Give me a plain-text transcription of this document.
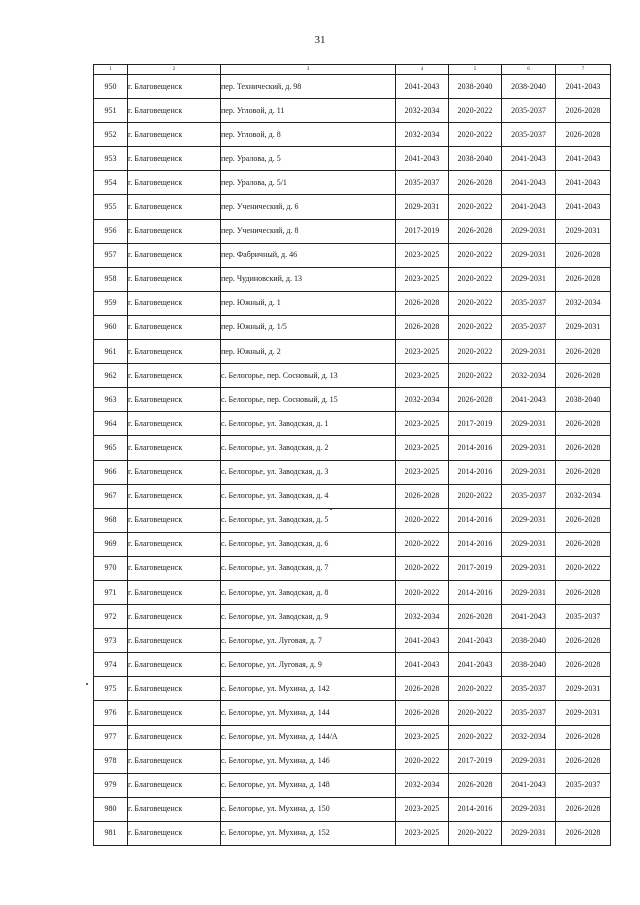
31
1	2	3	4	5	6	7
950	г. Благовещенск	пер. Технический, д. 98	2041-2043	2038-2040	2038-2040	2041-2043
951	г. Благовещенск	пер. Угловой, д. 11	2032-2034	2020-2022	2035-2037	2026-2028
952	г. Благовещенск	пер. Угловой, д. 8	2032-2034	2020-2022	2035-2037	2026-2028
953	г. Благовещенск	пер. Уралова, д. 5	2041-2043	2038-2040	2041-2043	2041-2043
954	г. Благовещенск	пер. Уралова, д. 5/1	2035-2037	2026-2028	2041-2043	2041-2043
955	г. Благовещенск	пер. Ученический, д. 6	2029-2031	2020-2022	2041-2043	2041-2043
956	г. Благовещенск	пер. Ученический, д. 8	2017-2019	2026-2028	2029-2031	2029-2031
957	г. Благовещенск	пер. Фабричный, д. 46	2023-2025	2020-2022	2029-2031	2026-2028
958	г. Благовещенск	пер. Чудиновский, д. 13	2023-2025	2020-2022	2029-2031	2026-2028
959	г. Благовещенск	пер. Южный, д. 1	2026-2028	2020-2022	2035-2037	2032-2034
960	г. Благовещенск	пер. Южный, д. 1/5	2026-2028	2020-2022	2035-2037	2029-2031
961	г. Благовещенск	пер. Южный, д. 2	2023-2025	2020-2022	2029-2031	2026-2028
962	г. Благовещенск	с. Белогорье, пер. Сосновый, д. 13	2023-2025	2020-2022	2032-2034	2026-2028
963	г. Благовещенск	с. Белогорье, пер. Сосновый, д. 15	2032-2034	2026-2028	2041-2043	2038-2040
964	г. Благовещенск	с. Белогорье, ул. Заводская, д. 1	2023-2025	2017-2019	2029-2031	2026-2028
965	г. Благовещенск	с. Белогорье, ул. Заводская, д. 2	2023-2025	2014-2016	2029-2031	2026-2028
966	г. Благовещенск	с. Белогорье, ул. Заводская, д. 3	2023-2025	2014-2016	2029-2031	2026-2028
967	г. Благовещенск	с. Белогорье, ул. Заводская, д. 4	2026-2028	2020-2022	2035-2037	2032-2034
968	г. Благовещенск	с. Белогорье, ул. Заводская, д. 5	2020-2022	2014-2016	2029-2031	2026-2028
969	г. Благовещенск	с. Белогорье, ул. Заводская, д. 6	2020-2022	2014-2016	2029-2031	2026-2028
970	г. Благовещенск	с. Белогорье, ул. Заводская, д. 7	2020-2022	2017-2019	2029-2031	2020-2022
971	г. Благовещенск	с. Белогорье, ул. Заводская, д. 8	2020-2022	2014-2016	2029-2031	2026-2028
972	г. Благовещенск	с. Белогорье, ул. Заводская, д. 9	2032-2034	2026-2028	2041-2043	2035-2037
973	г. Благовещенск	с. Белогорье, ул. Луговая, д. 7	2041-2043	2041-2043	2038-2040	2026-2028
974	г. Благовещенск	с. Белогорье, ул. Луговая, д. 9	2041-2043	2041-2043	2038-2040	2026-2028
975	г. Благовещенск	с. Белогорье, ул. Мухина, д. 142	2026-2028	2020-2022	2035-2037	2029-2031
976	г. Благовещенск	с. Белогорье, ул. Мухина, д. 144	2026-2028	2020-2022	2035-2037	2029-2031
977	г. Благовещенск	с. Белогорье, ул. Мухина, д. 144/А	2023-2025	2020-2022	2032-2034	2026-2028
978	г. Благовещенск	с. Белогорье, ул. Мухина, д. 146	2020-2022	2017-2019	2029-2031	2026-2028
979	г. Благовещенск	с. Белогорье, ул. Мухина, д. 148	2032-2034	2026-2028	2041-2043	2035-2037
980	г. Благовещенск	с. Белогорье, ул. Мухина, д. 150	2023-2025	2014-2016	2029-2031	2026-2028
981	г. Благовещенск	с. Белогорье, ул. Мухина, д. 152	2023-2025	2020-2022	2029-2031	2026-2028
